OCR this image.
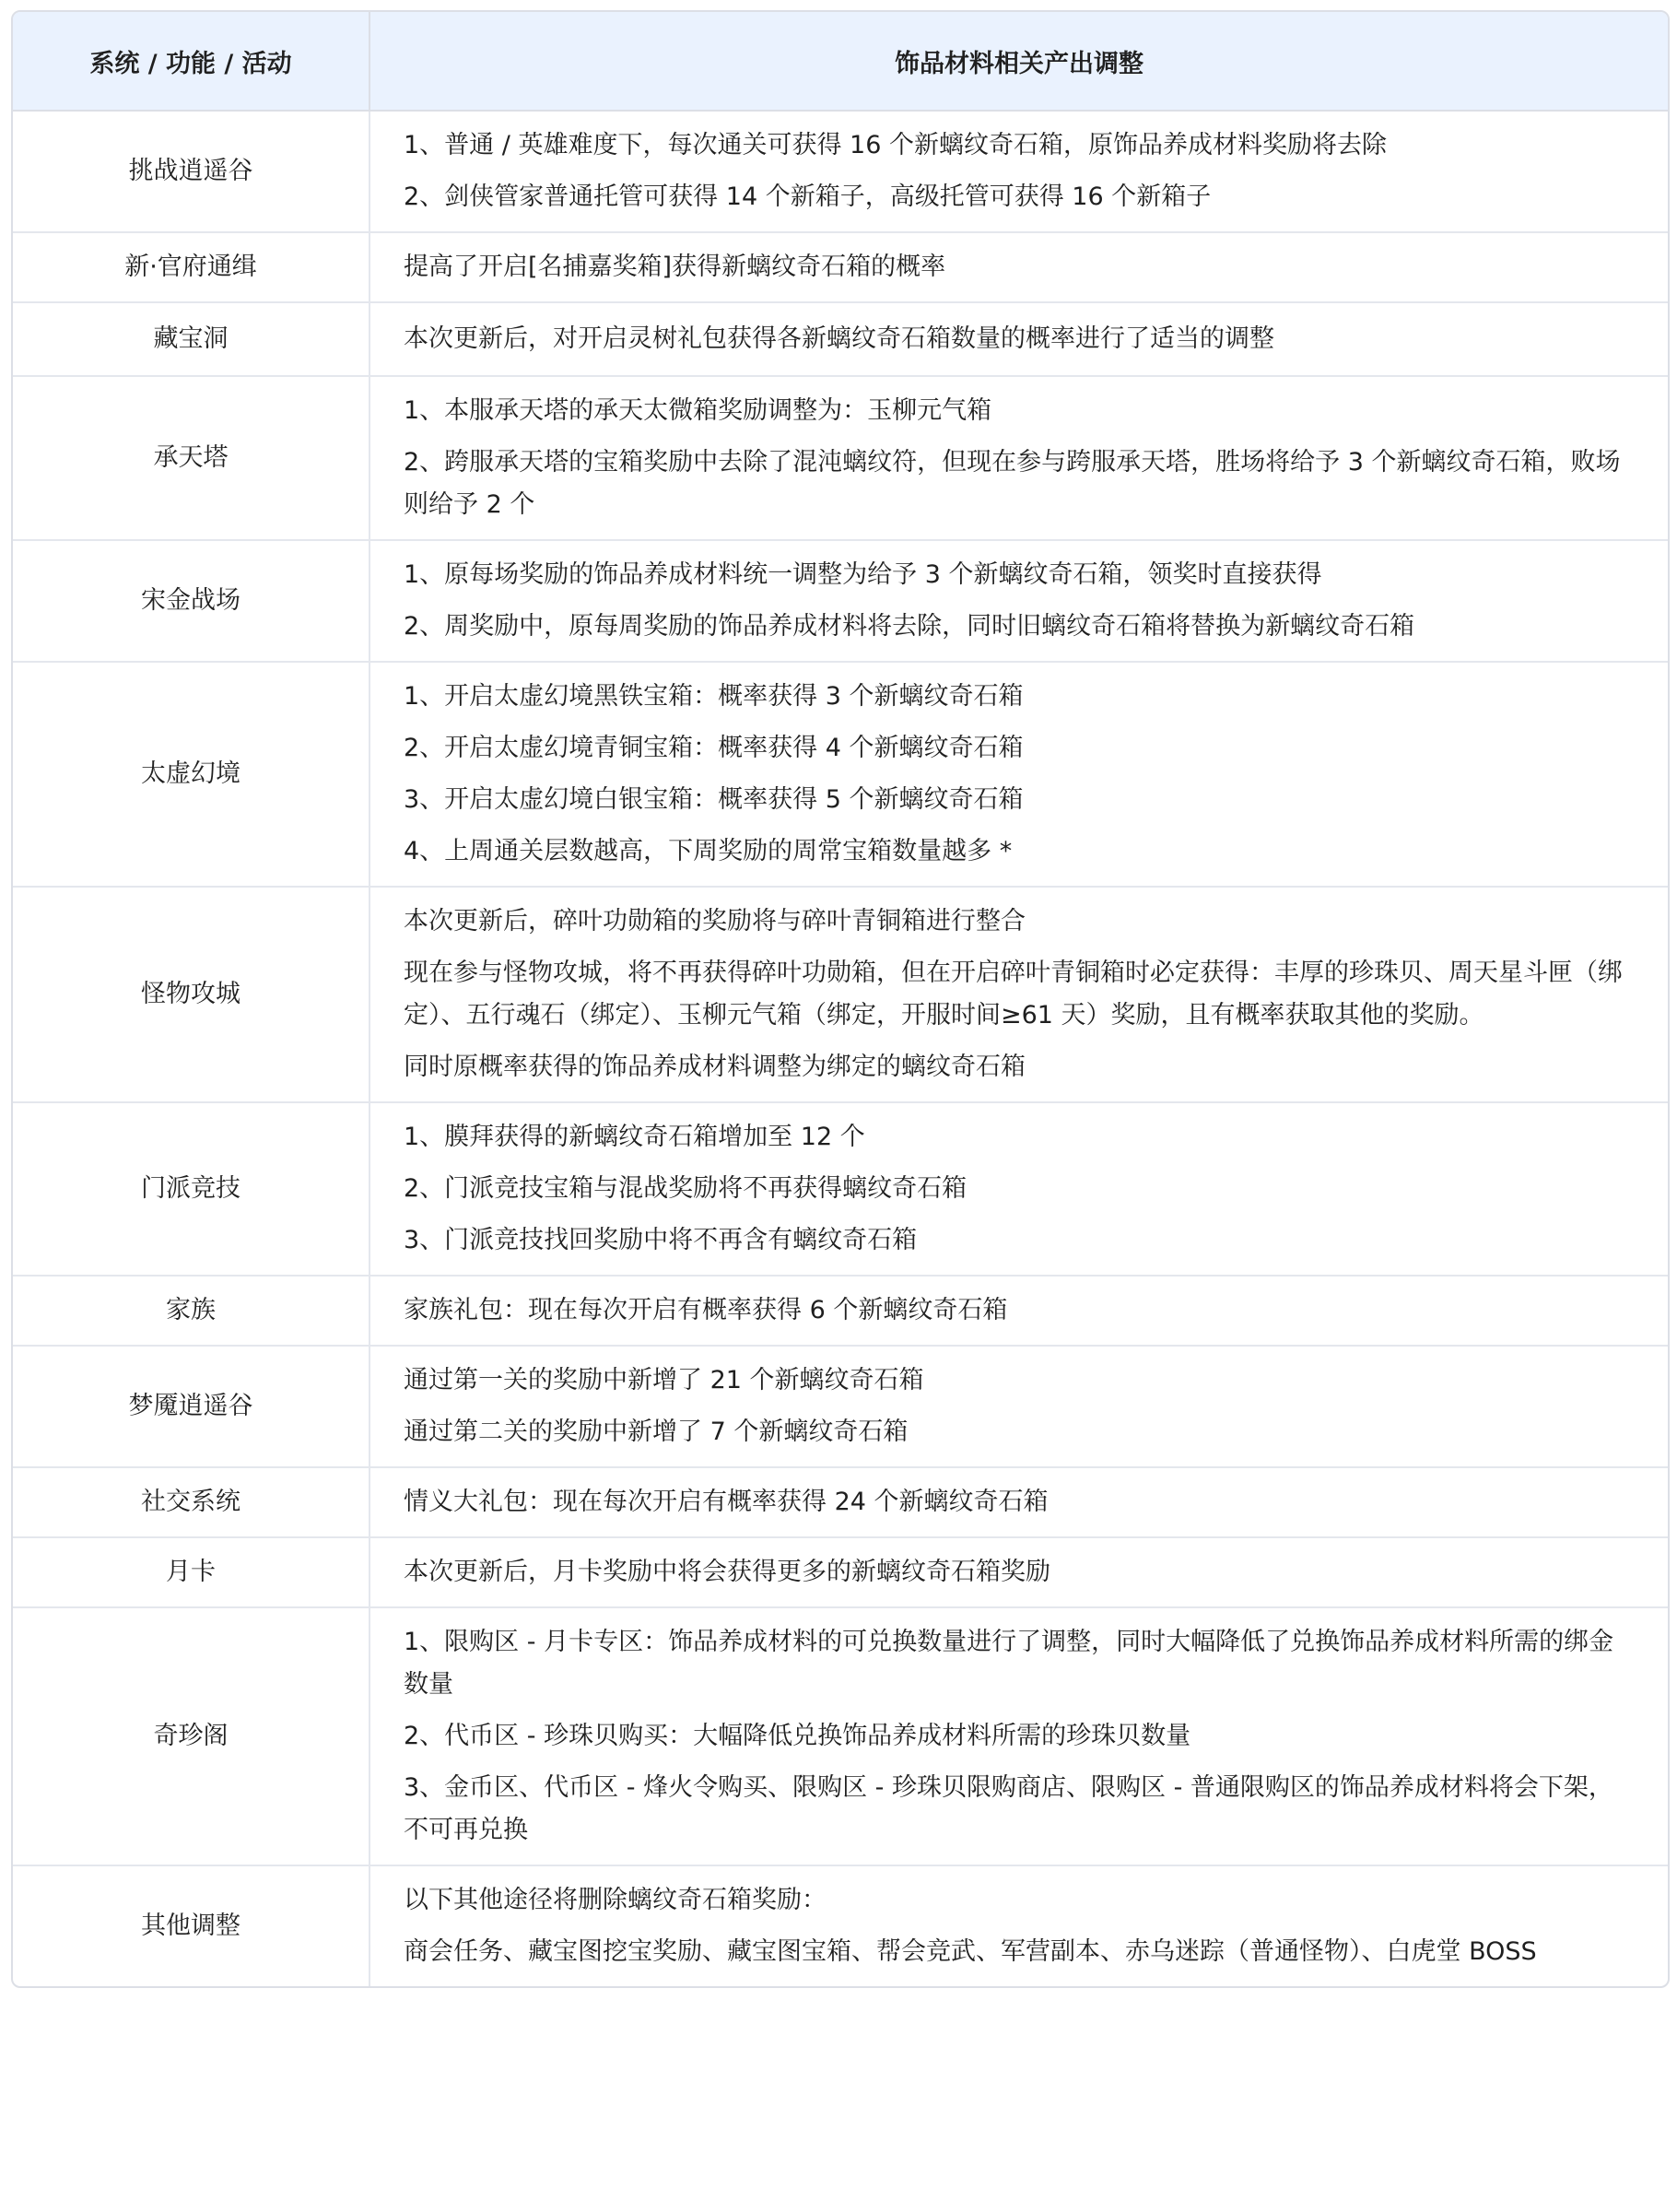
系统 / 功能 / 活动	饰品材料相关产出调整
挑战逍遥谷	1、普通 / 英雄难度下，每次通关可获得 16 个新螭纹奇石箱，原饰品养成材料奖励将去除

2、剑侠管家普通托管可获得 14 个新箱子，高级托管可获得 16 个新箱子

新·官府通缉	提高了开启[名捕嘉奖箱]获得新螭纹奇石箱的概率

藏宝洞	本次更新后，对开启灵树礼包获得各新螭纹奇石箱数量的概率进行了适当的调整

承天塔	1、本服承天塔的承天太微箱奖励调整为：玉柳元气箱

2、跨服承天塔的宝箱奖励中去除了混沌螭纹符，但现在参与跨服承天塔，胜场将给予 3 个新螭纹奇石箱，败场则给予 2 个

宋金战场	1、原每场奖励的饰品养成材料统一调整为给予 3 个新螭纹奇石箱，领奖时直接获得

2、周奖励中，原每周奖励的饰品养成材料将去除，同时旧螭纹奇石箱将替换为新螭纹奇石箱

太虚幻境	1、开启太虚幻境黑铁宝箱：概率获得 3 个新螭纹奇石箱

2、开启太虚幻境青铜宝箱：概率获得 4 个新螭纹奇石箱

3、开启太虚幻境白银宝箱：概率获得 5 个新螭纹奇石箱

4、上周通关层数越高，下周奖励的周常宝箱数量越多 *

怪物攻城	本次更新后，碎叶功勋箱的奖励将与碎叶青铜箱进行整合

现在参与怪物攻城，将不再获得碎叶功勋箱，但在开启碎叶青铜箱时必定获得：丰厚的珍珠贝、周天星斗匣（绑定）、五行魂石（绑定）、玉柳元气箱（绑定，开服时间≥61 天）奖励，且有概率获取其他的奖励。

同时原概率获得的饰品养成材料调整为绑定的螭纹奇石箱

门派竞技	1、膜拜获得的新螭纹奇石箱增加至 12 个

2、门派竞技宝箱与混战奖励将不再获得螭纹奇石箱

3、门派竞技找回奖励中将不再含有螭纹奇石箱

家族	家族礼包：现在每次开启有概率获得 6 个新螭纹奇石箱

梦魇逍遥谷	通过第一关的奖励中新增了 21 个新螭纹奇石箱

通过第二关的奖励中新增了 7 个新螭纹奇石箱

社交系统	情义大礼包：现在每次开启有概率获得 24 个新螭纹奇石箱

月卡	本次更新后，月卡奖励中将会获得更多的新螭纹奇石箱奖励

奇珍阁	1、限购区 - 月卡专区：饰品养成材料的可兑换数量进行了调整，同时大幅降低了兑换饰品养成材料所需的绑金数量

2、代币区 - 珍珠贝购买：大幅降低兑换饰品养成材料所需的珍珠贝数量

3、金币区、代币区 - 烽火令购买、限购区 - 珍珠贝限购商店、限购区 - 普通限购区的饰品养成材料将会下架，不可再兑换

其他调整	以下其他途径将删除螭纹奇石箱奖励：

商会任务、藏宝图挖宝奖励、藏宝图宝箱、帮会竞武、军营副本、赤乌迷踪（普通怪物）、白虎堂 BOSS
